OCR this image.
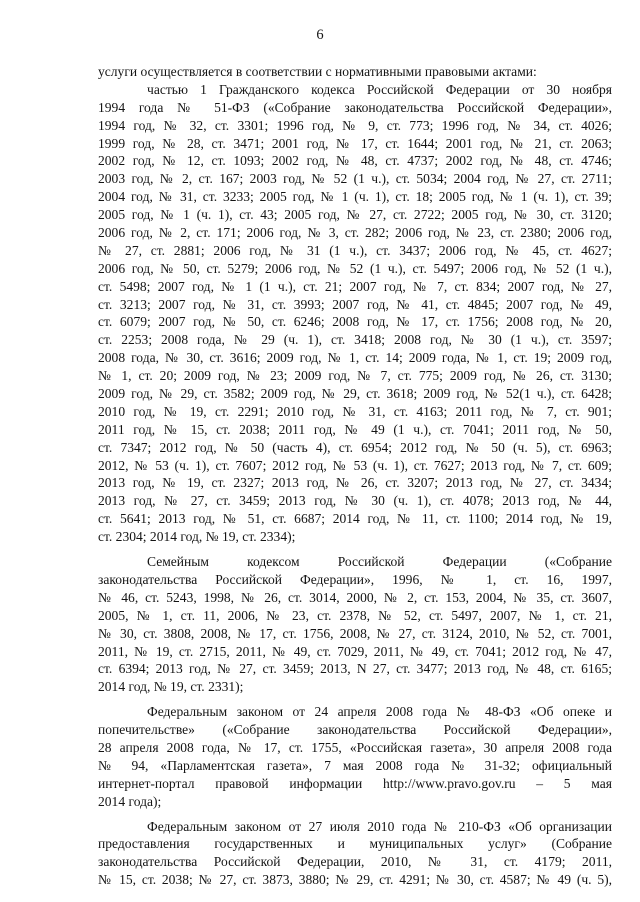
6
услуги осуществляется в соответствии с нормативными правовыми актами:
частью 1 Гражданского кодекса Российской Федерации от 30 ноября
1994 года № 51-ФЗ («Собрание законодательства Российской Федерации»,
1994 год, № 32, ст. 3301; 1996 год, № 9, ст. 773; 1996 год, № 34, ст. 4026;
1999 год, № 28, ст. 3471; 2001 год, № 17, ст. 1644; 2001 год, № 21, ст. 2063;
2002 год, № 12, ст. 1093; 2002 год, № 48, ст. 4737; 2002 год, № 48, ст. 4746;
2003 год, № 2, ст. 167; 2003 год, № 52 (1 ч.), ст. 5034; 2004 год, № 27, ст. 2711;
2004 год, № 31, ст. 3233; 2005 год, № 1 (ч. 1), ст. 18; 2005 год, № 1 (ч. 1), ст. 39;
2005 год, № 1 (ч. 1), ст. 43; 2005 год, № 27, ст. 2722; 2005 год, № 30, ст. 3120;
2006 год, № 2, ст. 171; 2006 год, № 3, ст. 282; 2006 год, № 23, ст. 2380; 2006 год,
№ 27, ст. 2881; 2006 год, № 31 (1 ч.), ст. 3437; 2006 год, № 45, ст. 4627;
2006 год, № 50, ст. 5279; 2006 год, № 52 (1 ч.), ст. 5497; 2006 год, № 52 (1 ч.),
ст. 5498; 2007 год, № 1 (1 ч.), ст. 21; 2007 год, № 7, ст. 834; 2007 год, № 27,
ст. 3213; 2007 год, № 31, ст. 3993; 2007 год, № 41, ст. 4845; 2007 год, № 49,
ст. 6079; 2007 год, № 50, ст. 6246; 2008 год, № 17, ст. 1756; 2008 год, № 20,
ст. 2253; 2008 года, № 29 (ч. 1), ст. 3418; 2008 год, № 30 (1 ч.), ст. 3597;
2008 года, № 30, ст. 3616; 2009 год, № 1, ст. 14; 2009 года, № 1, ст. 19; 2009 год,
№ 1, ст. 20; 2009 год, № 23; 2009 год, № 7, ст. 775; 2009 год, № 26, ст. 3130;
2009 год, № 29, ст. 3582; 2009 год, № 29, ст. 3618; 2009 год, № 52(1 ч.), ст. 6428;
2010 год, № 19, ст. 2291; 2010 год, № 31, ст. 4163; 2011 год, № 7, ст. 901;
2011 год, № 15, ст. 2038; 2011 год, № 49 (1 ч.), ст. 7041; 2011 год, № 50,
ст. 7347; 2012 год, № 50 (часть 4), ст. 6954; 2012 год, № 50 (ч. 5), ст. 6963;
2012, № 53 (ч. 1), ст. 7607; 2012 год, № 53 (ч. 1), ст. 7627; 2013 год, № 7, ст. 609;
2013 год, № 19, ст. 2327; 2013 год, № 26, ст. 3207; 2013 год, № 27, ст. 3434;
2013 год, № 27, ст. 3459; 2013 год, № 30 (ч. 1), ст. 4078; 2013 год, № 44,
ст. 5641; 2013 год, № 51, ст. 6687; 2014 год, № 11, ст. 1100; 2014 год, № 19,
ст. 2304; 2014 год, № 19, ст. 2334);
Семейным кодексом Российской Федерации («Собрание
законодательства Российской Федерации», 1996, № 1, ст. 16, 1997,
№ 46, ст. 5243, 1998, № 26, ст. 3014, 2000, № 2, ст. 153, 2004, № 35, ст. 3607,
2005, № 1, ст. 11, 2006, № 23, ст. 2378, № 52, ст. 5497, 2007, № 1, ст. 21,
№ 30, ст. 3808, 2008, № 17, ст. 1756, 2008, № 27, ст. 3124, 2010, № 52, ст. 7001,
2011, № 19, ст. 2715, 2011, № 49, ст. 7029, 2011, № 49, ст. 7041; 2012 год, № 47,
ст. 6394; 2013 год, № 27, ст. 3459; 2013, N 27, ст. 3477; 2013 год, № 48, ст. 6165;
2014 год, № 19, ст. 2331);
Федеральным законом от 24 апреля 2008 года № 48-ФЗ «Об опеке и
попечительстве» («Собрание законодательства Российской Федерации»,
28 апреля 2008 года, № 17, ст. 1755, «Российская газета», 30 апреля 2008 года
№ 94, «Парламентская газета», 7 мая 2008 года № 31-32; официальный
интернет-портал правовой информации http://www.pravo.gov.ru – 5 мая
2014 года);
Федеральным законом от 27 июля 2010 года № 210-ФЗ «Об организации
предоставления государственных и муниципальных услуг» (Собрание
законодательства Российской Федерации, 2010, № 31, ст. 4179; 2011,
№ 15, ст. 2038; № 27, ст. 3873, 3880; № 29, ст. 4291; № 30, ст. 4587; № 49 (ч. 5),
